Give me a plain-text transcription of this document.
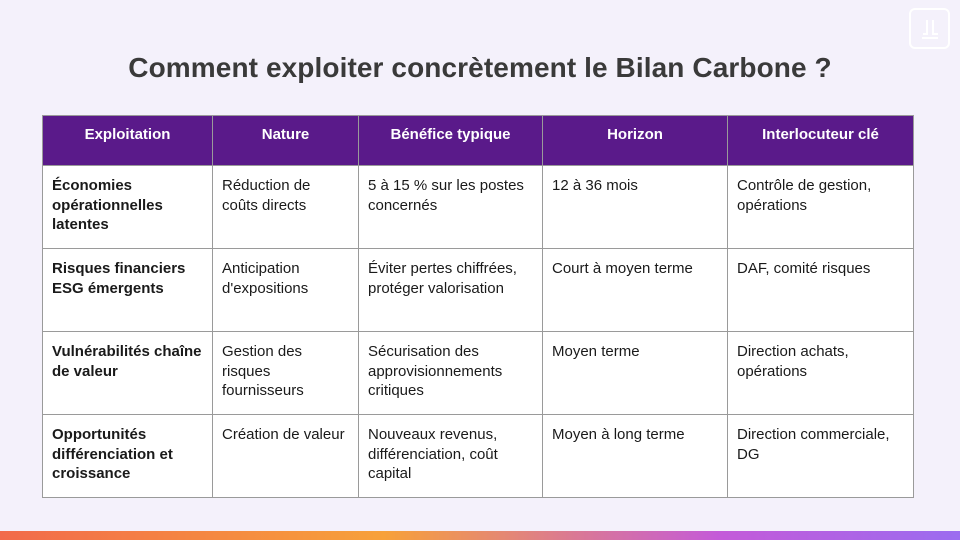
Comment exploiter concrètement le Bilan Carbone ?
Exploitation	Nature	Bénéfice typique	Horizon	Interlocuteur clé
Économies opérationnelles latentes	Réduction de coûts directs	5 à 15 % sur les postes concernés	12 à 36 mois	Contrôle de gestion, opérations
Risques financiers ESG émergents	Anticipation d'expositions	Éviter pertes chiffrées, protéger valorisation	Court à moyen terme	DAF, comité risques
Vulnérabilités chaîne de valeur	Gestion des risques fournisseurs	Sécurisation des approvisionnements critiques	Moyen terme	Direction achats, opérations
Opportunités différenciation et croissance	Création de valeur	Nouveaux revenus, différenciation, coût capital	Moyen à long terme	Direction commerciale, DG
